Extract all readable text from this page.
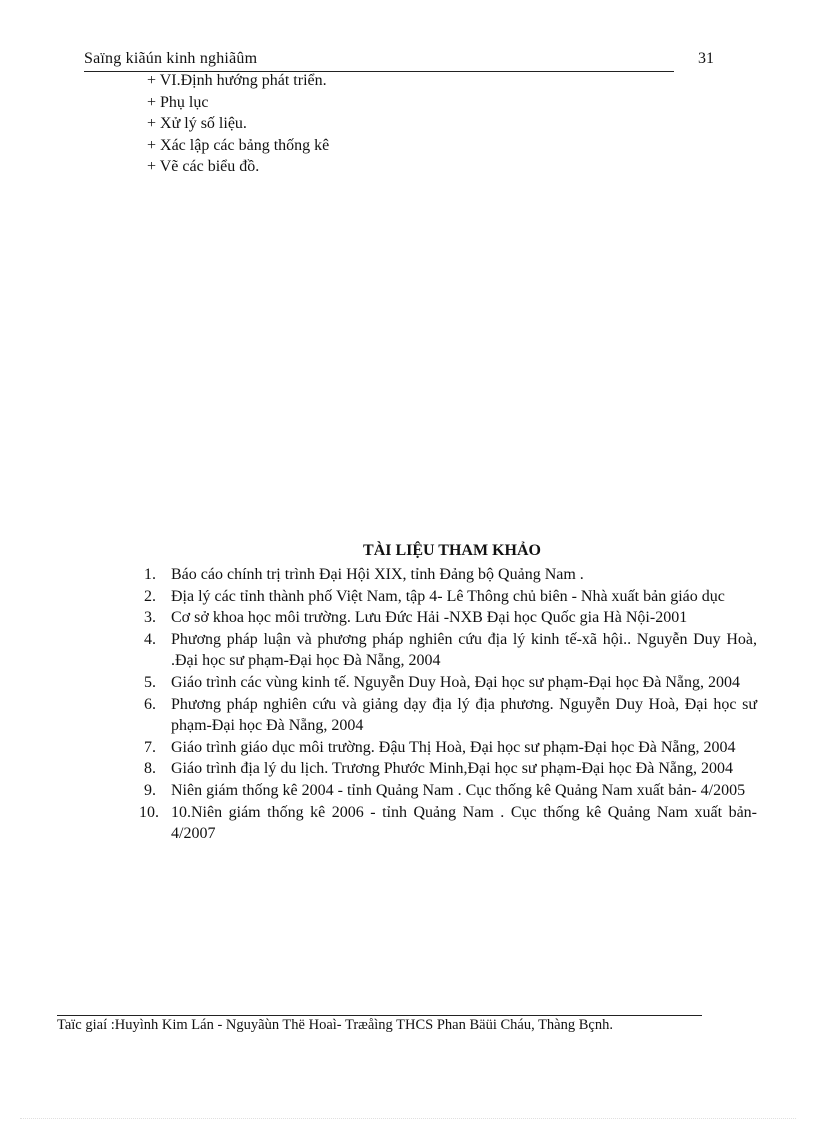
Saïng kiãún kinh nghiãûm	31
+ VI.Định hướng phát triển.
+ Phụ lục
+ Xử lý số liệu.
+ Xác lập các bảng thống kê
+ Vẽ các biểu đồ.
TÀI LIỆU THAM KHẢO
1. Báo cáo chính trị trình Đại Hội XIX, tỉnh Đảng bộ Quảng Nam .
2. Địa lý các tỉnh thành phố Việt Nam, tập 4- Lê Thông chủ biên - Nhà xuất bản giáo dục
3. Cơ sở khoa học môi trường. Lưu Đức Hải -NXB Đại học Quốc gia Hà Nội-2001
4. Phương pháp luận và phương pháp nghiên cứu địa lý kinh tế-xã hội.. Nguyễn Duy Hoà, .Đại học sư phạm-Đại học Đà Nẵng, 2004
5. Giáo trình các vùng kinh tế. Nguyễn Duy Hoà, Đại học sư phạm-Đại học Đà Nẵng, 2004
6. Phương pháp nghiên cứu và giảng dạy địa lý địa phương. Nguyễn Duy Hoà, Đại học sư phạm-Đại học Đà Nẵng, 2004
7. Giáo trình giáo dục môi trường. Đậu Thị Hoà, Đại học sư phạm-Đại học Đà Nẵng, 2004
8. Giáo trình địa lý du lịch. Trương Phước Minh,Đại học sư phạm-Đại học Đà Nẵng, 2004
9. Niên giám thống kê 2004 - tỉnh Quảng Nam . Cục thống kê Quảng Nam xuất bản- 4/2005
10. 10.Niên giám thống kê 2006 - tỉnh Quảng Nam . Cục thống kê Quảng Nam xuất bản- 4/2007
Taïc giaí :Huyình Kim Lán - Nguyãùn Thë Hoaì- Træåìng THCS Phan Bäüi Cháu, Thàng Bçnh.
